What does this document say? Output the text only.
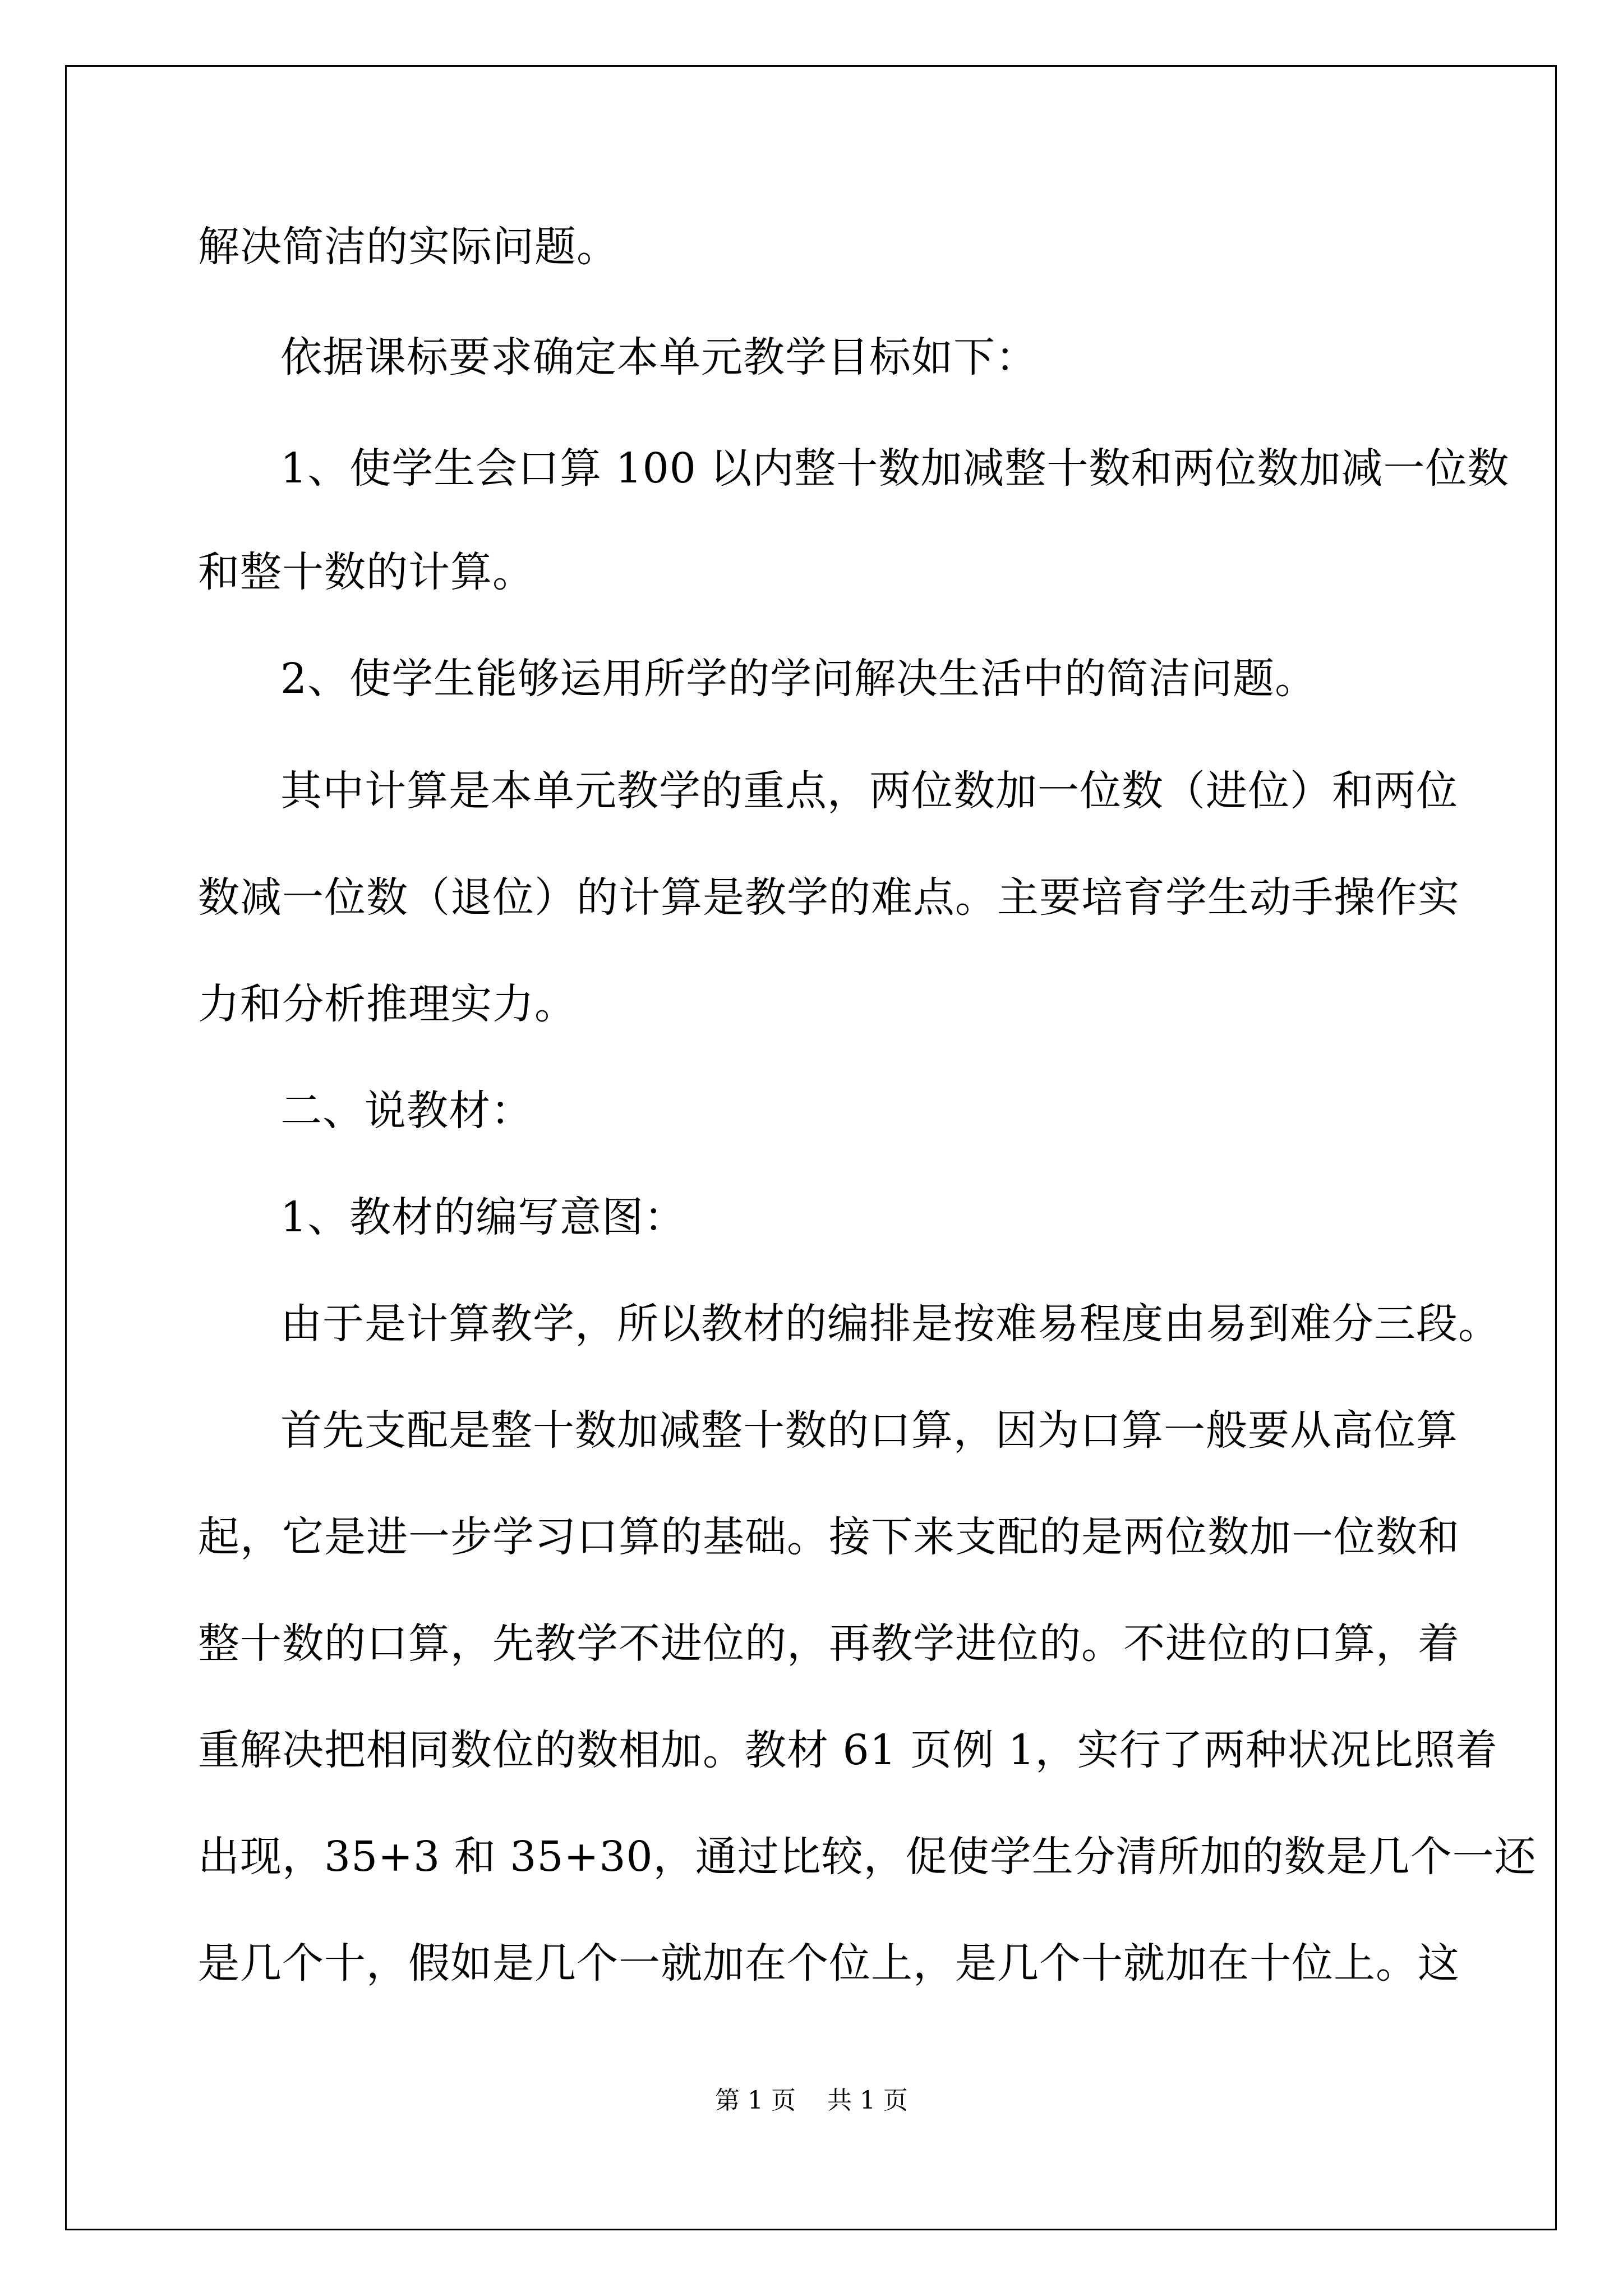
解决简洁的实际问题。
依据课标要求确定本单元教学目标如下：
1、使学生会口算 100 以内整十数加减整十数和两位数加减一位数
和整十数的计算。
2、使学生能够运用所学的学问解决生活中的简洁问题。
其中计算是本单元教学的重点，两位数加一位数（进位）和两位
数减一位数（退位）的计算是教学的难点。主要培育学生动手操作实
力和分析推理实力。
二、说教材：
1、教材的编写意图：
由于是计算教学，所以教材的编排是按难易程度由易到难分三段。
首先支配是整十数加减整十数的口算，因为口算一般要从高位算
起，它是进一步学习口算的基础。接下来支配的是两位数加一位数和
整十数的口算，先教学不进位的，再教学进位的。不进位的口算，着
重解决把相同数位的数相加。教材 61 页例 1，实行了两种状况比照着
出现，35+3 和 35+30，通过比较，促使学生分清所加的数是几个一还
是几个十，假如是几个一就加在个位上，是几个十就加在十位上。这
第 1 页    共 1 页
